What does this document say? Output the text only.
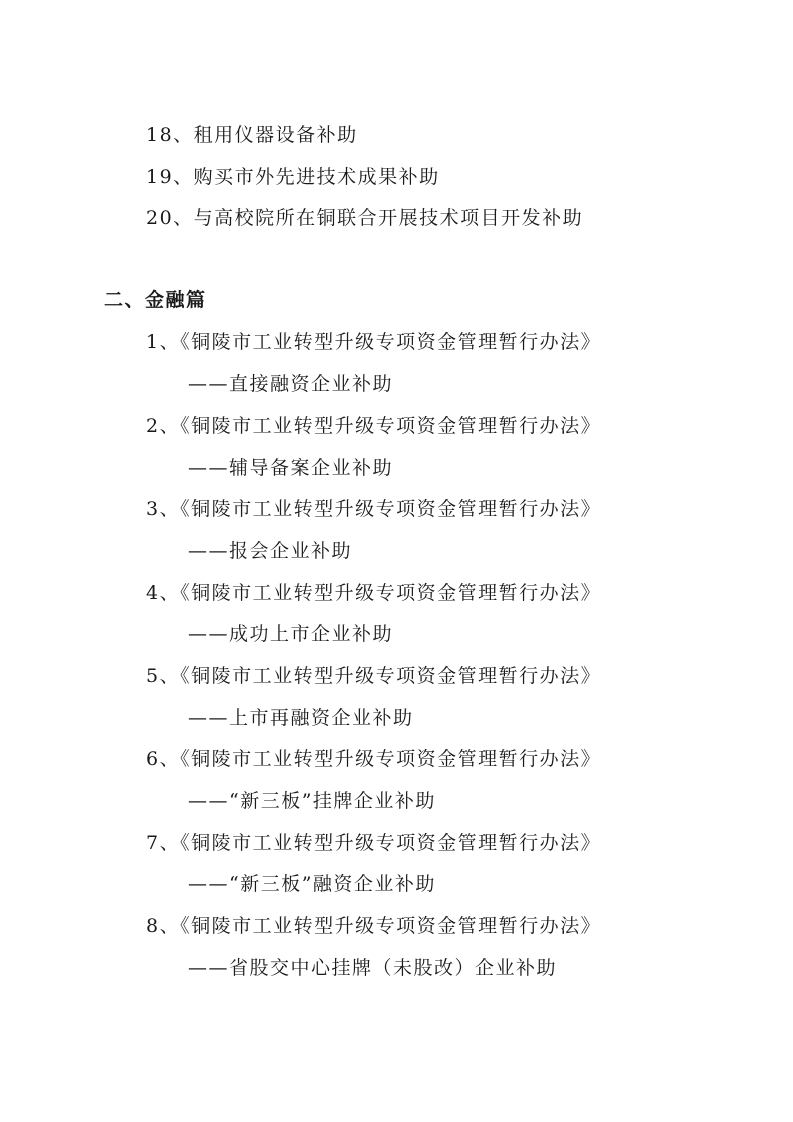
18、租用仪器设备补助
19、购买市外先进技术成果补助
20、与高校院所在铜联合开展技术项目开发补助
二、金融篇
1、《铜陵市工业转型升级专项资金管理暂行办法》
——直接融资企业补助
2、《铜陵市工业转型升级专项资金管理暂行办法》
——辅导备案企业补助
3、《铜陵市工业转型升级专项资金管理暂行办法》
——报会企业补助
4、《铜陵市工业转型升级专项资金管理暂行办法》
——成功上市企业补助
5、《铜陵市工业转型升级专项资金管理暂行办法》
——上市再融资企业补助
6、《铜陵市工业转型升级专项资金管理暂行办法》
——“新三板”挂牌企业补助
7、《铜陵市工业转型升级专项资金管理暂行办法》
——“新三板”融资企业补助
8、《铜陵市工业转型升级专项资金管理暂行办法》
——省股交中心挂牌（未股改）企业补助
